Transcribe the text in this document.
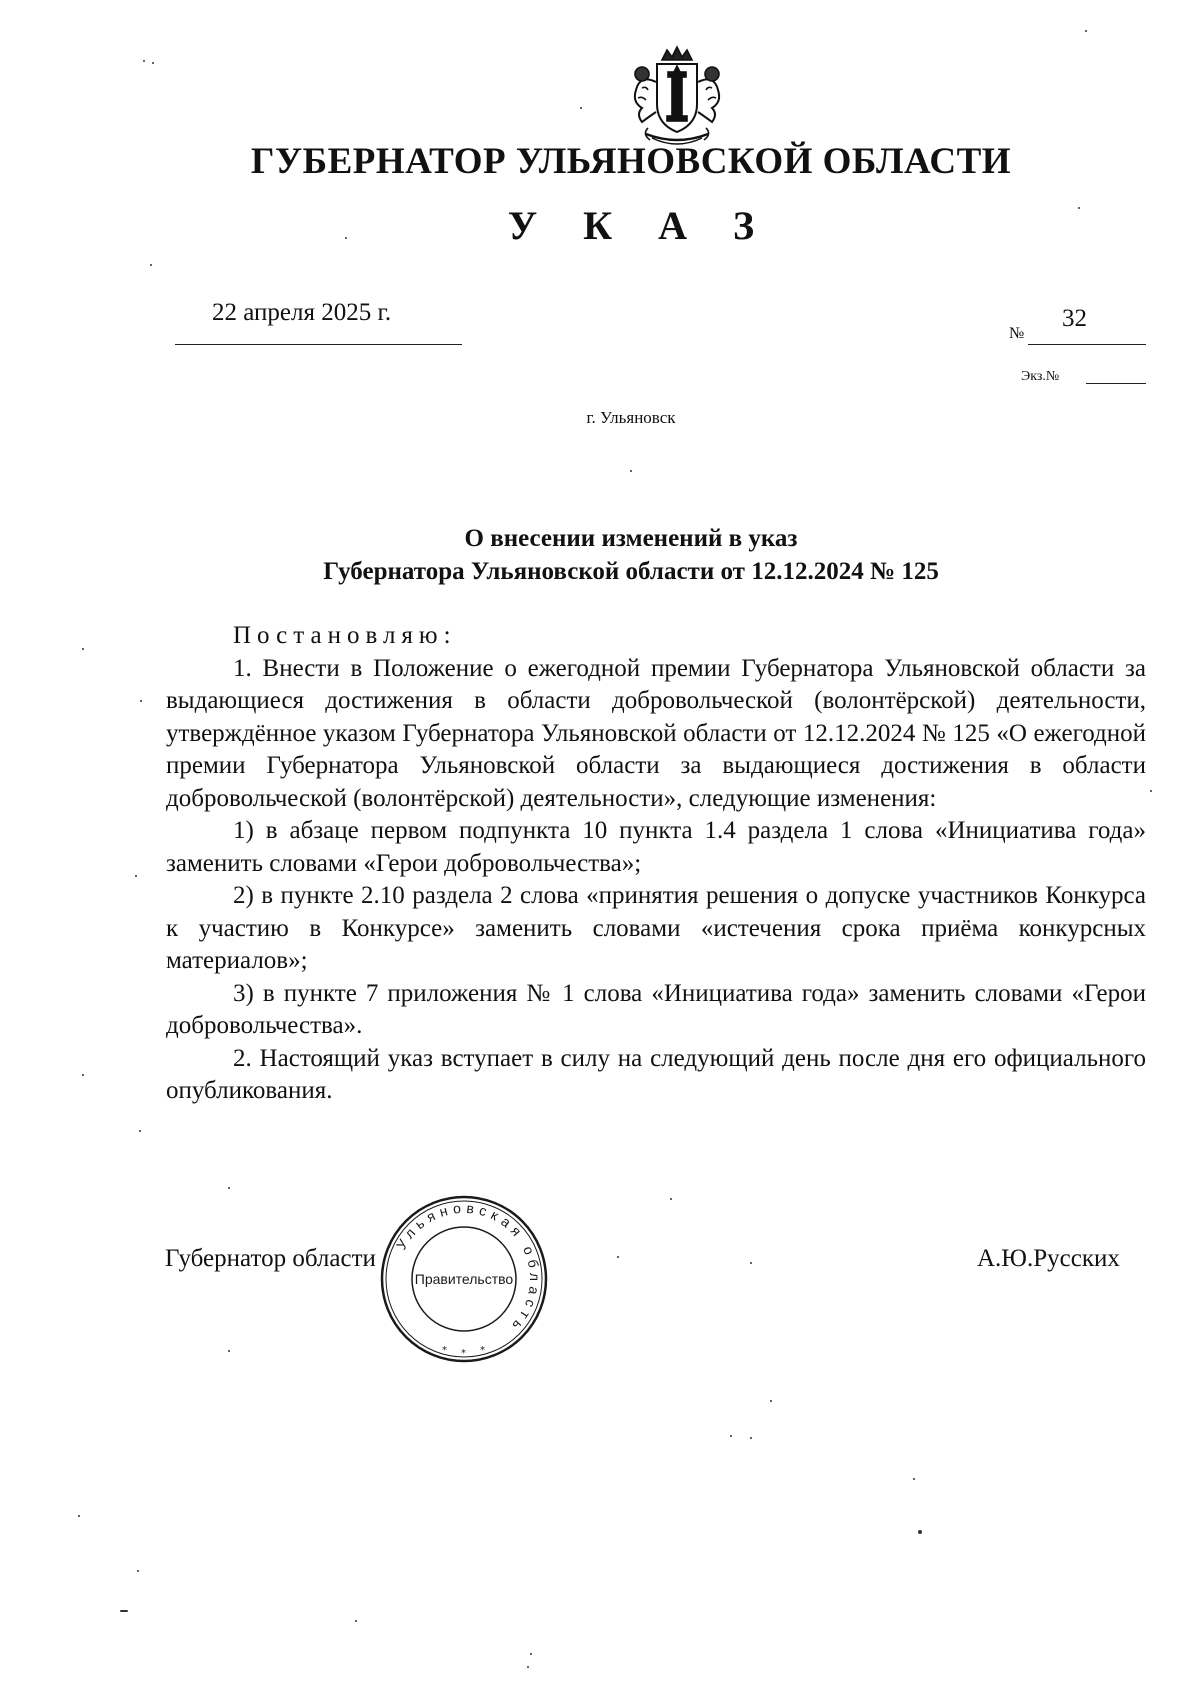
ГУБЕРНАТОР УЛЬЯНОВСКОЙ ОБЛАСТИ
У К А З
22 апреля 2025 г.
№
32
Экз.№
г. Ульяновск
О внесении изменений в указ
Губернатора Ульяновской области от 12.12.2024 № 125

Постановляю:

1. Внести в Положение о ежегодной премии Губернатора Ульяновской области за выдающиеся достижения в области добровольческой (волонтёрской) деятельности, утверждённое указом Губернатора Ульяновской области от 12.12.2024 № 125 «О ежегодной премии Губернатора Ульяновской области за выдающиеся достижения в области добровольческой (волонтёрской) деятельности», следующие изменения:

1) в абзаце первом подпункта 10 пункта 1.4 раздела 1 слова «Инициатива года» заменить словами «Герои добровольчества»;

2) в пункте 2.10 раздела 2 слова «принятия решения о допуске участников Конкурса к участию в Конкурсе» заменить словами «истечения срока приёма конкурсных материалов»;

3) в пункте 7 приложения № 1 слова «Инициатива года» заменить словами «Герои добровольчества».

2. Настоящий указ вступает в силу на следующий день после дня его официального опубликования.

Губернатор области	А.Ю.Русских
Ульяновская область
Правительство
* * *
